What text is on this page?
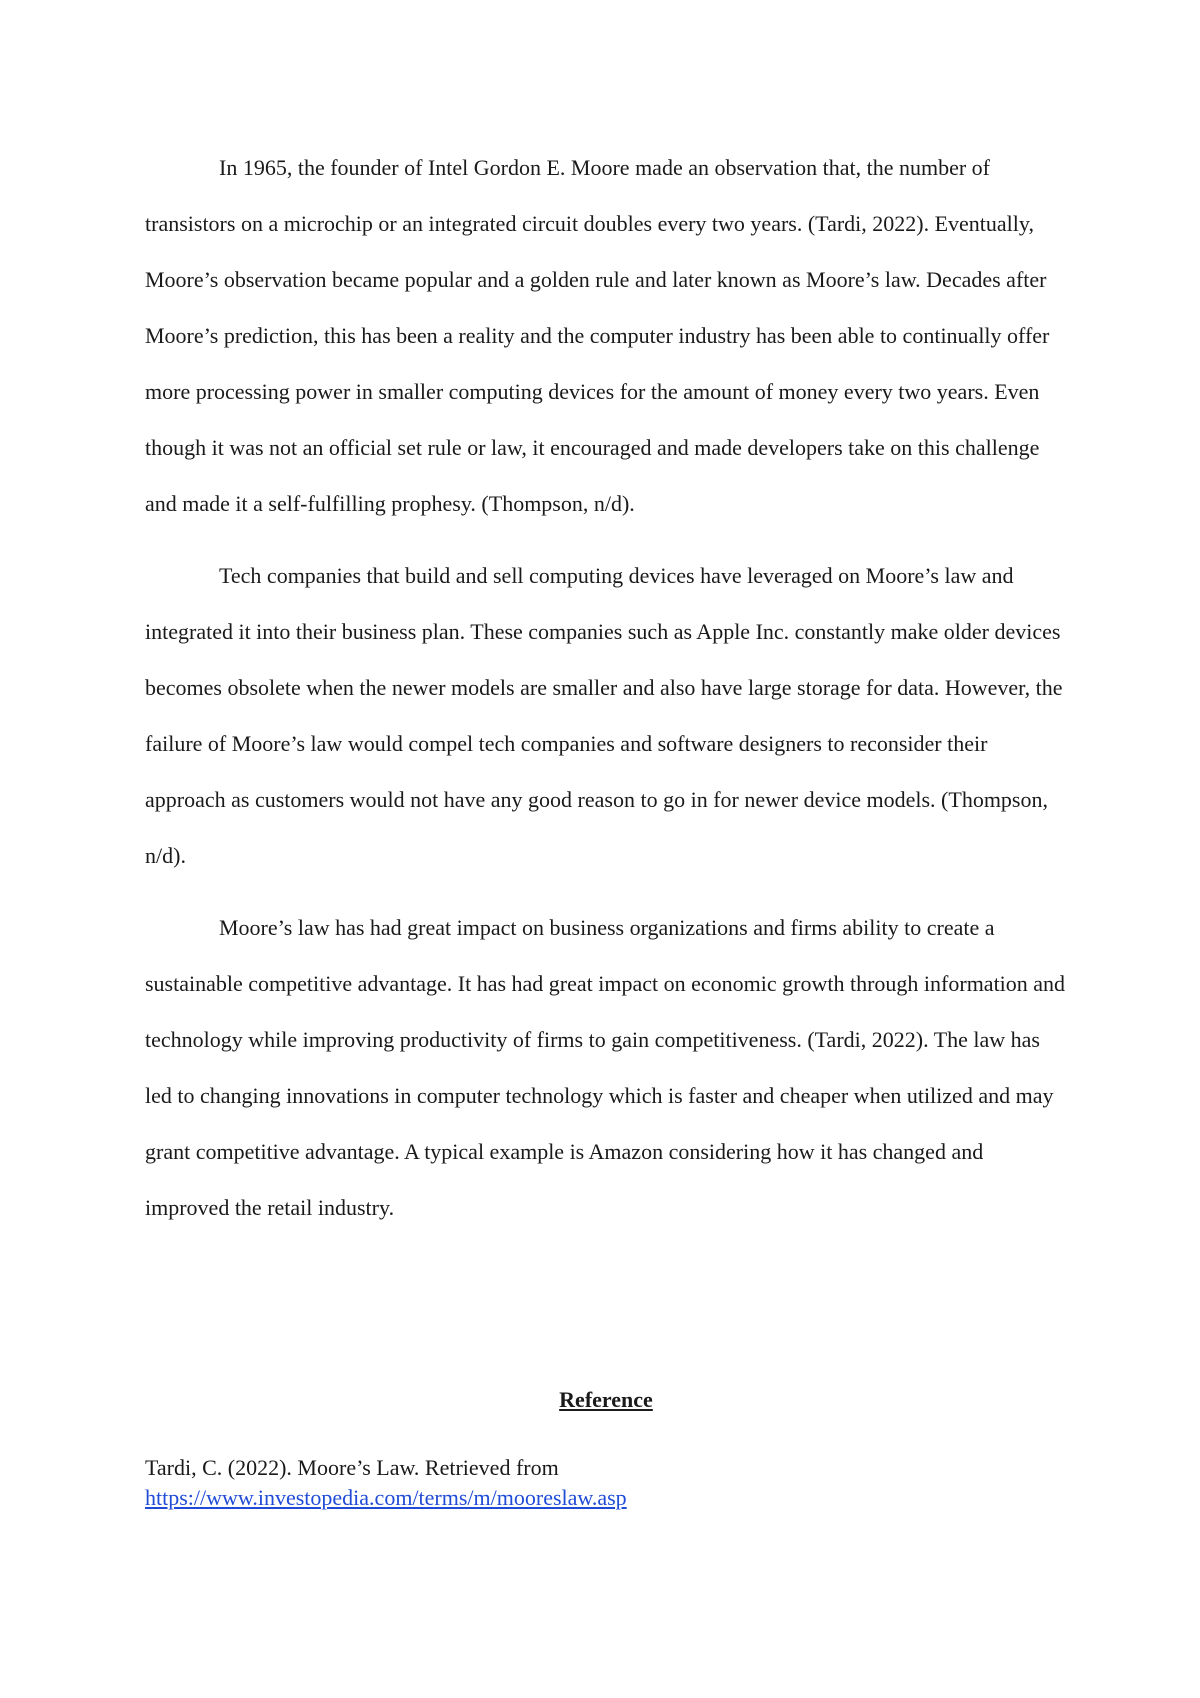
In 1965, the founder of Intel Gordon E. Moore made an observation that, the number of transistors on a microchip or an integrated circuit doubles every two years. (Tardi, 2022). Eventually, Moore’s observation became popular and a golden rule and later known as Moore’s law. Decades after Moore’s prediction, this has been a reality and the computer industry has been able to continually offer more processing power in smaller computing devices for the amount of money every two years. Even though it was not an official set rule or law, it encouraged and made developers take on this challenge and made it a self-fulfilling prophesy. (Thompson, n/d).

Tech companies that build and sell computing devices have leveraged on Moore’s law and integrated it into their business plan. These companies such as Apple Inc. constantly make older devices becomes obsolete when the newer models are smaller and also have large storage for data. However, the failure of Moore’s law would compel tech companies and software designers to reconsider their approach as customers would not have any good reason to go in for newer device models. (Thompson, n/d).

Moore’s law has had great impact on business organizations and firms ability to create a sustainable competitive advantage. It has had great impact on economic growth through information and technology while improving productivity of firms to gain competitiveness. (Tardi, 2022). The law has led to changing innovations in computer technology which is faster and cheaper when utilized and may grant competitive advantage. A typical example is Amazon considering how it has changed and improved the retail industry.

Reference
Tardi, C. (2022). Moore’s Law. Retrieved from
https://www.investopedia.com/terms/m/mooreslaw.asp
